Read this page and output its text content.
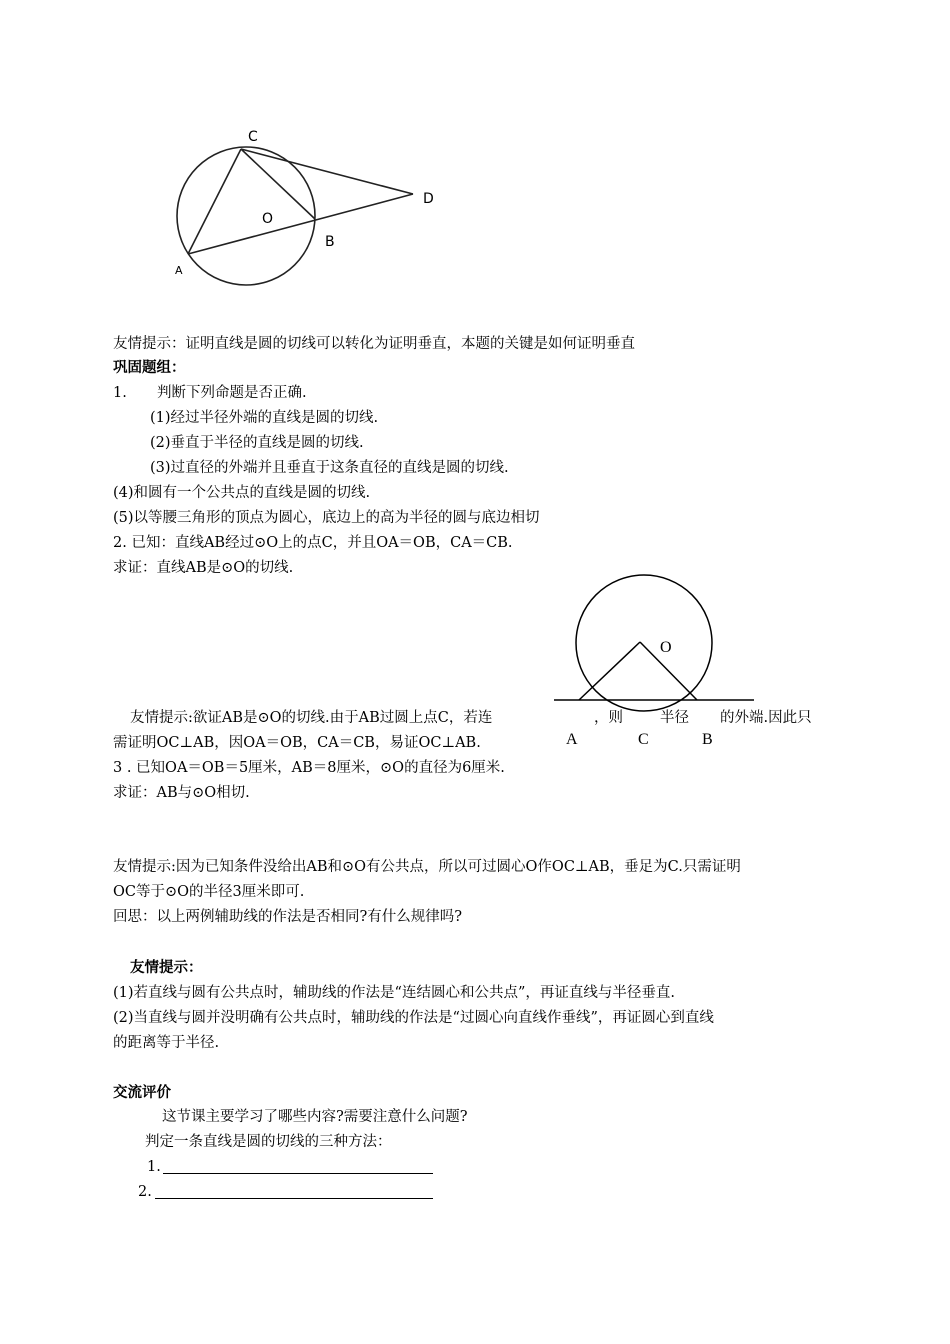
C
O
D
B
A
友情提示：证明直线是圆的切线可以转化为证明垂直，本题的关键是如何证明垂直
巩固题组：
1. 判断下列命题是否正确.
(1)经过半径外端的直线是圆的切线.
(2)垂直于半径的直线是圆的切线.
(3)过直径的外端并且垂直于这条直径的直线是圆的切线.
(4)和圆有一个公共点的直线是圆的切线.
(5)以等腰三角形的顶点为圆心，底边上的高为半径的圆与底边相切
2. 已知：直线AB经过⊙O上的点C，并且OA＝OB，CA＝CB.
求证：直线AB是⊙O的切线.
O
A	C	B
友情提示:欲证AB是⊙O的切线.由于AB过圆上点C，若连	，则	半径 的外端.因此只
需证明OC⊥AB，因OA＝OB，CA＝CB，易证OC⊥AB.
3 . 已知OA＝OB＝5厘米，AB＝8厘米，⊙O的直径为6厘米.
求证：AB与⊙O相切.
友情提示:因为已知条件没给出AB和⊙O有公共点，所以可过圆心O作OC⊥AB，垂足为C.只需证明
OC等于⊙O的半径3厘米即可.
回思：以上两例辅助线的作法是否相同?有什么规律吗?
友情提示：
(1)若直线与圆有公共点时，辅助线的作法是“连结圆心和公共点”，再证直线与半径垂直.
(2)当直线与圆并没明确有公共点时，辅助线的作法是“过圆心向直线作垂线”，再证圆心到直线
的距离等于半径.
交流评价
这节课主要学习了哪些内容?需要注意什么问题?
判定一条直线是圆的切线的三种方法：
1.
2.
